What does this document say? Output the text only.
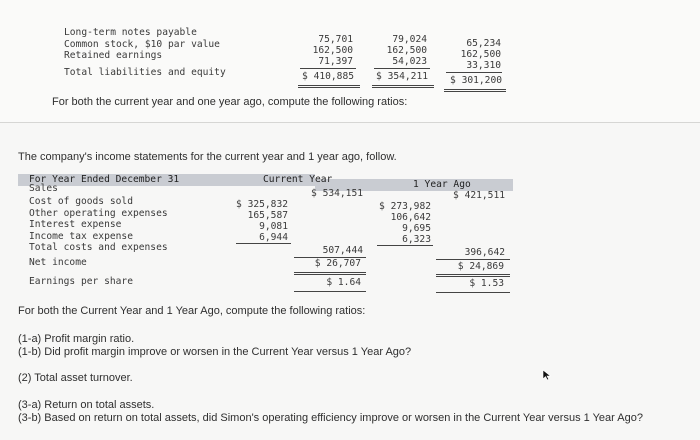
Long-term notes payable
Common stock, $10 par value
Retained earnings
Total liabilities and equity
75,701
162,500
71,397
$ 410,885
79,024
162,500
54,023
$ 354,211
65,234
162,500
33,310
$ 301,200
For both the current year and one year ago, compute the following ratios:
The company's income statements for the current year and 1 year ago, follow.
For Year Ended December 31	Current Year	1 Year Ago
Sales
Cost of goods sold
Other operating expenses
Interest expense
Income tax expense
Total costs and expenses
Net income
Earnings per share
$ 534,151
$ 325,832
165,587
9,081
6,944
507,444
$ 26,707
$ 1.64
$ 421,511
$ 273,982
106,642
9,695
6,323
396,642
$ 24,869
$ 1.53
For both the Current Year and 1 Year Ago, compute the following ratios:
(1-a) Profit margin ratio.
(1-b) Did profit margin improve or worsen in the Current Year versus 1 Year Ago?
(2) Total asset turnover.
(3-a) Return on total assets.
(3-b) Based on return on total assets, did Simon's operating efficiency improve or worsen in the Current Year versus 1 Year Ago?
